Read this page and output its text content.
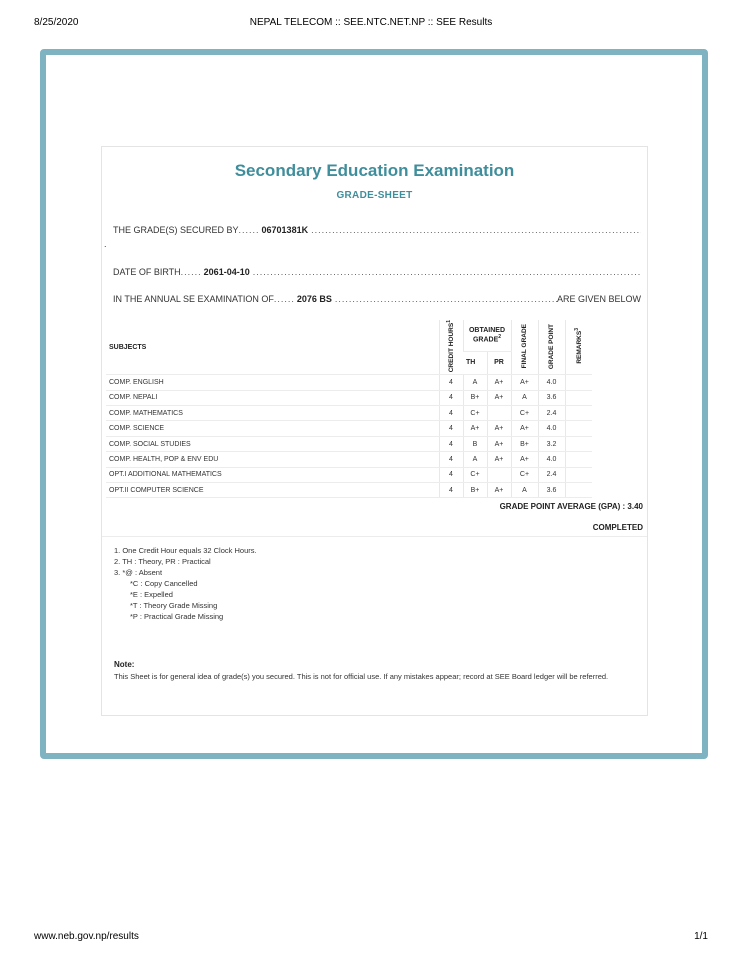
8/25/2020	NEPAL TELECOM :: SEE.NTC.NET.NP :: SEE Results
Secondary Education Examination
GRADE-SHEET
THE GRADE(S) SECURED BY .....	06701381K
.....
.
DATE OF BIRTH .....	2061-04-10
.....
IN THE ANNUAL SE EXAMINATION OF .....	2076 BS .....	ARE GIVEN BELOW
SUBJECTS	CREDIT HOURS$^1$	OBTAINED GRADE$^2$		FINAL GRADE	GRADE POINT	REMARKS$^3$
		TH	PR			
COMP. ENGLISH	4	A	A+	A+	4.0	
COMP. NEPALI	4	B+	A+	A	3.6	
COMP. MATHEMATICS	4	C+		C+	2.4	
COMP. SCIENCE	4	A+	A+	A+	4.0	
COMP. SOCIAL STUDIES	4	B	A+	B+	3.2	
COMP. HEALTH, POP & ENV EDU	4	A	A+	A+	4.0	
OPT.I ADDITIONAL MATHEMATICS	4	C+		C+	2.4	
OPT.II COMPUTER SCIENCE	4	B+	A+	A	3.6	
GRADE POINT AVERAGE (GPA) : 3.40
COMPLETED
1. One Credit Hour equals 32 Clock Hours.
2. TH : Theory, PR : Practical
3. *@ : Absent
*C : Copy Cancelled
*E : Expelled
*T : Theory Grade Missing
*P : Practical Grade Missing
Note:
This Sheet is for general idea of grade(s) you secured. This is not for official use. If any mistakes appear; record at SEE Board ledger will be referred.
www.neb.gov.np/results	1/1
